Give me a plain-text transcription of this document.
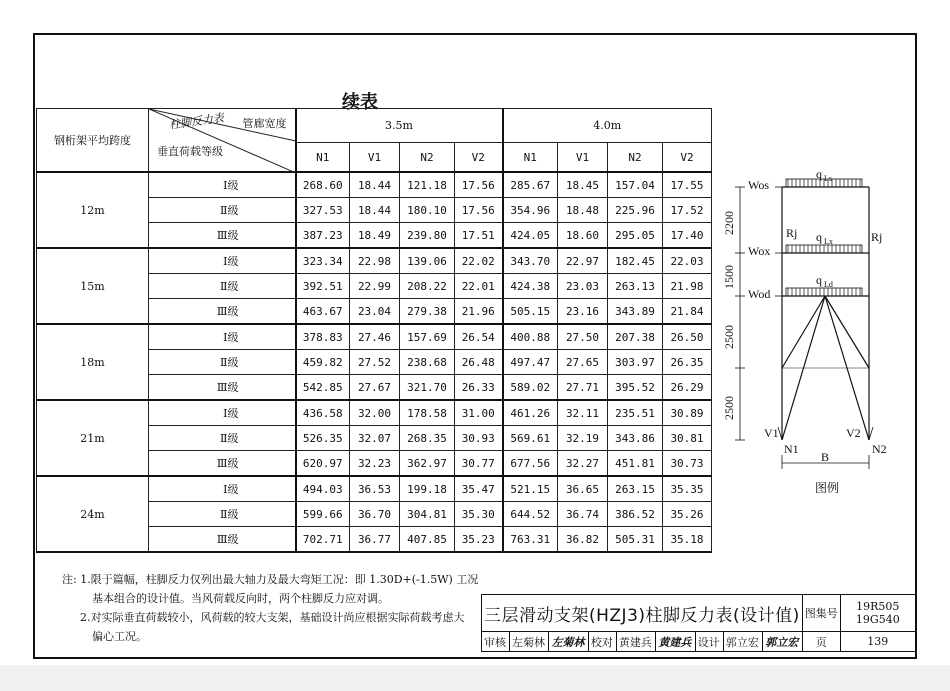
续表
钢桁架平均跨度	管廊宽度
柱脚反力表
垂直荷载等级	3.5m				4.0m			
		N1	V1	N2	V2	N1	V1	N2	V2
12m	Ⅰ级	268.60	18.44	121.18	17.56	285.67	18.45	157.04	17.55
	Ⅱ级	327.53	18.44	180.10	17.56	354.96	18.48	225.96	17.52
	Ⅲ级	387.23	18.49	239.80	17.51	424.05	18.60	295.05	17.40
15m	Ⅰ级	323.34	22.98	139.06	22.02	343.70	22.97	182.45	22.03
	Ⅱ级	392.51	22.99	208.22	22.01	424.38	23.03	263.13	21.98
	Ⅲ级	463.67	23.04	279.38	21.96	505.15	23.16	343.89	21.84
18m	Ⅰ级	378.83	27.46	157.69	26.54	400.88	27.50	207.38	26.50
	Ⅱ级	459.82	27.52	238.68	26.48	497.47	27.65	303.97	26.35
	Ⅲ级	542.85	27.67	321.70	26.33	589.02	27.71	395.52	26.29
21m	Ⅰ级	436.58	32.00	178.58	31.00	461.26	32.11	235.51	30.89
	Ⅱ级	526.35	32.07	268.35	30.93	569.61	32.19	343.86	30.81
	Ⅲ级	620.97	32.23	362.97	30.77	677.56	32.27	451.81	30.73
24m	Ⅰ级	494.03	36.53	199.18	35.47	521.15	36.65	263.15	35.35
	Ⅱ级	599.66	36.70	304.81	35.30	644.52	36.74	386.52	35.26
	Ⅲ级	702.71	36.77	407.85	35.23	763.31	36.82	505.31	35.18
Wos
Wox
Wod
q Ls
q Lx
q Ld
Rj	Rj
V1	V2
N1	N2
B
图例
2200
1500
2500
2500
注: 1.限于篇幅，柱脚反力仅列出最大轴力及最大弯矩工况：即 1.30D+(-1.5W) 工况
基本组合的设计值。当风荷载反向时，两个柱脚反力应对调。
2.对实际垂直荷载较小，风荷载的较大支架，基础设计尚应根据实际荷载考虑大
偏心工况。
三层滑动支架(HZJ3)柱脚反力表(设计值)									图集号	19R505
19G540

审核	左菊林	左菊林	校对	黄建兵	黄建兵	设计	郭立宏	郭立宏	页	139
